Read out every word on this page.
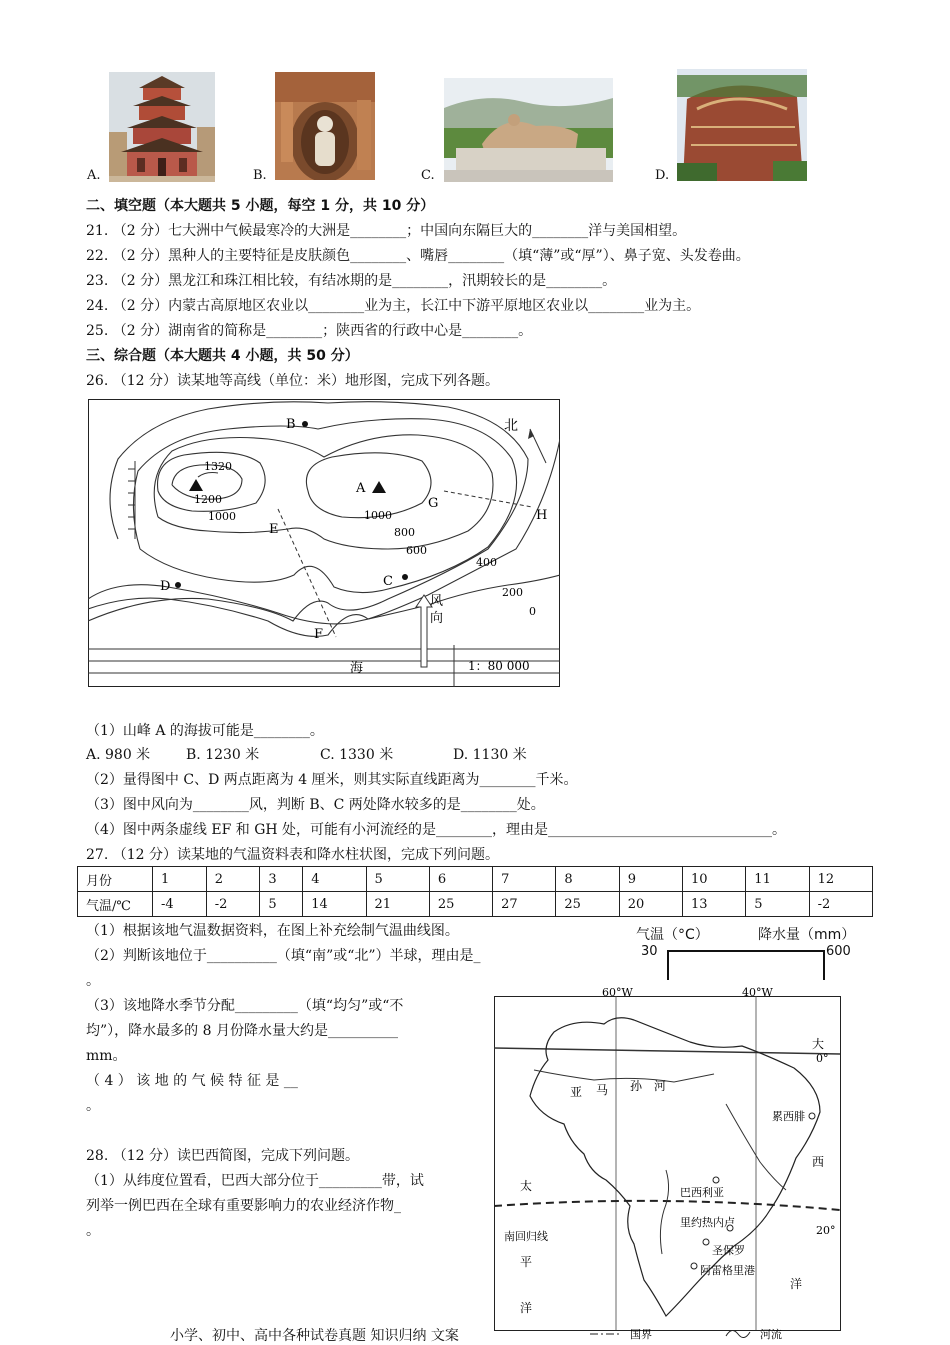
A.	B.	C.	D.
二、填空题（本大题共 5 小题，每空 1 分，共 10 分）
21. （2 分）七大洲中气候最寒冷的大洲是________；中国向东隔巨大的________洋与美国相望。
22. （2 分）黑种人的主要特征是皮肤颜色________、嘴唇________（填“薄”或“厚”）、鼻子宽、头发卷曲。
23. （2 分）黑龙江和珠江相比较，有结冰期的是________，汛期较长的是________。
24. （2 分）内蒙古高原地区农业以________业为主，长江中下游平原地区农业以________业为主。
25. （2 分）湖南省的简称是________；陕西省的行政中心是________。
三、综合题（本大题共 4 小题，共 50 分）
26. （12 分）读某地等高线（单位：米）地形图，完成下列各题。
北
B
A
G
H
E
D	C
F
1320
1200
1000	1000
800
600
400
200
0
风
向
海	1：80 000
（1）山峰 A 的海拔可能是________。
A. 980 米	B. 1230 米	C. 1330 米	D. 1130 米
（2）量得图中 C、D 两点距离为 4 厘米，则其实际直线距离为________千米。
（3）图中风向为________风，判断 B、C 两处降水较多的是________处。
（4）图中两条虚线 EF 和 GH 处，可能有小河流经的是________，理由是________________________________。
27. （12 分）读某地的气温资料表和降水柱状图，完成下列问题。
月份	1	2	3	4	5	6	7	8	9	10	11	12
气温/℃	-4	-2	5	14	21	25	27	25	20	13	5	-2
（1）根据该地气温数据资料，在图上补充绘制气温曲线图。
（2）判断该地位于__________（填“南”或“北”）半球，理由是_
。
（3）该地降水季节分配_________（填“均匀”或“不
均”），降水最多的 8 月份降水量大约是__________
mm。
（ 4 ） 该 地 的 气 候 特 征 是 __
。
气温（°C）	降水量（mm）
30	600
28. （12 分）读巴西简图，完成下列问题。
（1）从纬度位置看，巴西大部分位于_________带，试
列举一例巴西在全球有重要影响力的农业经济作物_
。
60°W	40°W
0°
20°
大
西
洋
太
平
洋
亚 马 孙 河
累西腓
巴西利亚
里约热内卢
圣保罗
阿雷格里港
南回归线
国界	河流
小学、初中、高中各种试卷真题 知识归纳 文案
